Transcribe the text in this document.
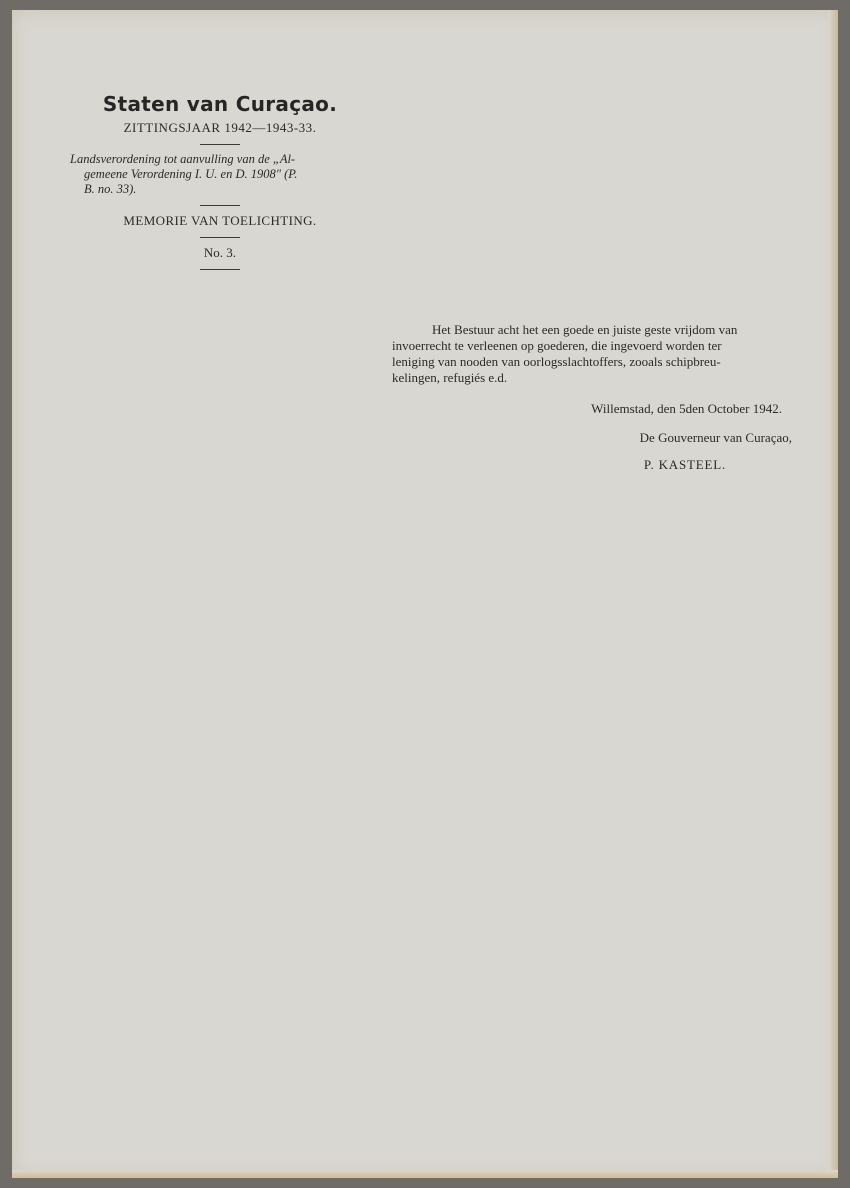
Staten van Curaçao.

ZITTINGSJAAR 1942—1943-33.

Landsverordening tot aanvulling van de „Al-
gemeene Verordening I. U. en D. 1908" (P.
B. no. 33).

MEMORIE VAN TOELICHTING.

No. 3.

Het Bestuur acht het een goede en juiste geste vrijdom van
invoerrecht te verleenen op goederen, die ingevoerd worden ter
leniging van nooden van oorlogsslachtoffers, zooals schipbreu-
kelingen, refugiés e.d.

Willemstad, den 5den October 1942.

De Gouverneur van Curaçao,

P. KASTEEL.
